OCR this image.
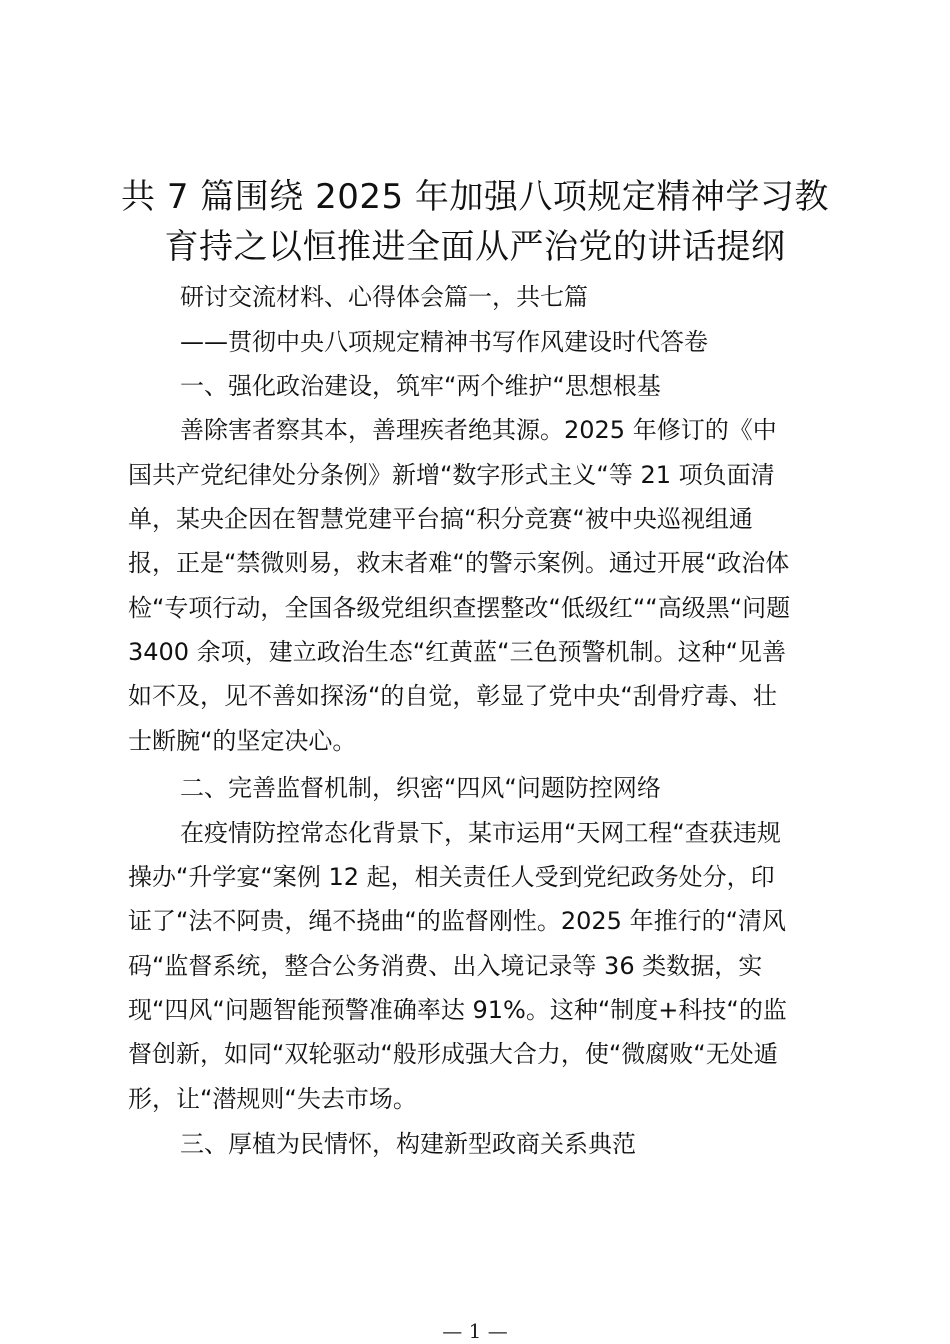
共 7 篇围绕 2025 年加强八项规定精神学习教
育持之以恒推进全面从严治党的讲话提纲

研讨交流材料、心得体会篇一，共七篇

——贯彻中央八项规定精神书写作风建设时代答卷

一、强化政治建设，筑牢“两个维护“思想根基

善除害者察其本，善理疾者绝其源。2025 年修订的《中

国共产党纪律处分条例》新增“数字形式主义“等 21 项负面清

单，某央企因在智慧党建平台搞“积分竞赛“被中央巡视组通

报，正是“禁微则易，救末者难“的警示案例。通过开展“政治体

检“专项行动，全国各级党组织查摆整改“低级红““高级黑“问题

3400 余项，建立政治生态“红黄蓝“三色预警机制。这种“见善

如不及，见不善如探汤“的自觉，彰显了党中央“刮骨疗毒、壮

士断腕“的坚定决心。

二、完善监督机制，织密“四风“问题防控网络

在疫情防控常态化背景下，某市运用“天网工程“查获违规

操办“升学宴“案例 12 起，相关责任人受到党纪政务处分，印

证了“法不阿贵，绳不挠曲“的监督刚性。2025 年推行的“清风

码“监督系统，整合公务消费、出入境记录等 36 类数据，实

现“四风“问题智能预警准确率达 91%。这种“制度+科技“的监

督创新，如同“双轮驱动“般形成强大合力，使“微腐败“无处遁

形，让“潜规则“失去市场。

三、厚植为民情怀，构建新型政商关系典范

— 1 —
